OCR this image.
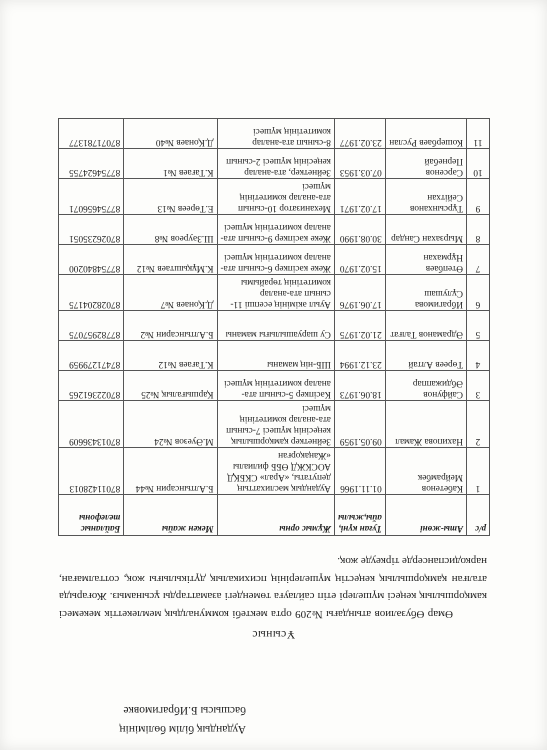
Аудандық білім бөлімінің
басшысы Б.Ибрагимовке
Ұсыныс
Өмар Өбузәлиов атындағы №209 орта мектебі коммуналдық мемлекеттік мекемесі камқоршылық кеңесі мүшелері етіп сайлауға төмендегі азаматтарды ұсынамыз. Жоғарыда аталған қамқоршылық кеңестің мүшелерінің психикалық дүтікылығы жоқ, сотталмаған, наркодиспансерде тіркеуде жоқ.
р/с	Аты-жөні	Туған күні, айы,жылы	Жұмыс орны	Мекен жайы	Байланыс телефоны
1	Кабетенов Мейрамбек	01.11.1966	Аудандық мәслихаттың депутаты, «Арал» СКБҚД АОСКЖД ӨББ филиалы «Жаңақорған	Б.Алтынсарин №44	87011428013
2	Нахипова Жамал	09.05.1959	Зейнеткер қамқоршылық кеңесінің мүшесі 7-сынып ата-аналар комитетінің мүшесі	М.Әуезов №24	87013436609
3	Сайфунов Әбдижаппар	18.06.1973	Кәсіпкер 5-сынып ата-аналар комитетінің мүшесі	Қаршығалық №25	87022361265
4	Төреев Алтай	23.12.1994	ШБ-нің маманы	К.Тағаев №12	87471279959
5	Әдраманов Талғат	21.02.1975	Су шаруашылығы маманы	Б.Алтынсарин №2	87782957075
6	Ибрагимова Сұлушаш	17.06.1976	Ауыл әкімінің есепші 11-сынып ата-аналар комитетінің төрайымы	Д.Қонаев №7	87028204175
7	Өтепбаев Нұрмахан	15.02.1970	Жеке кәсіпкер 6-сынып ата-аналар комитетінің мүшесі	К.Мұқыштаев №12	87754840200
8	Мырзахан Сандар	30.08.1990	Жеке кәсіпкер 9-сынып ата-аналар комитетінің мүшесі	Ш.Зәуреов №8	87026235051
9	Тұрсынханов Сейітхан	17.02.1971	Механизатор 10-сынып ата-аналар комитетінің мүшесі	Е.Төреев №13	87754656071
10	Сәрсенов Пернебай	07.03.1953	Зейнеткер, ата-аналар кеңесінің мүшесі 2-сынып	К.Тағаев №1	87754624755
11	Кошербаев Руслан	23.02.1977	8-сынып ата-аналар комитетінің мүшесі	Д.Қонаев №40	87071781377
